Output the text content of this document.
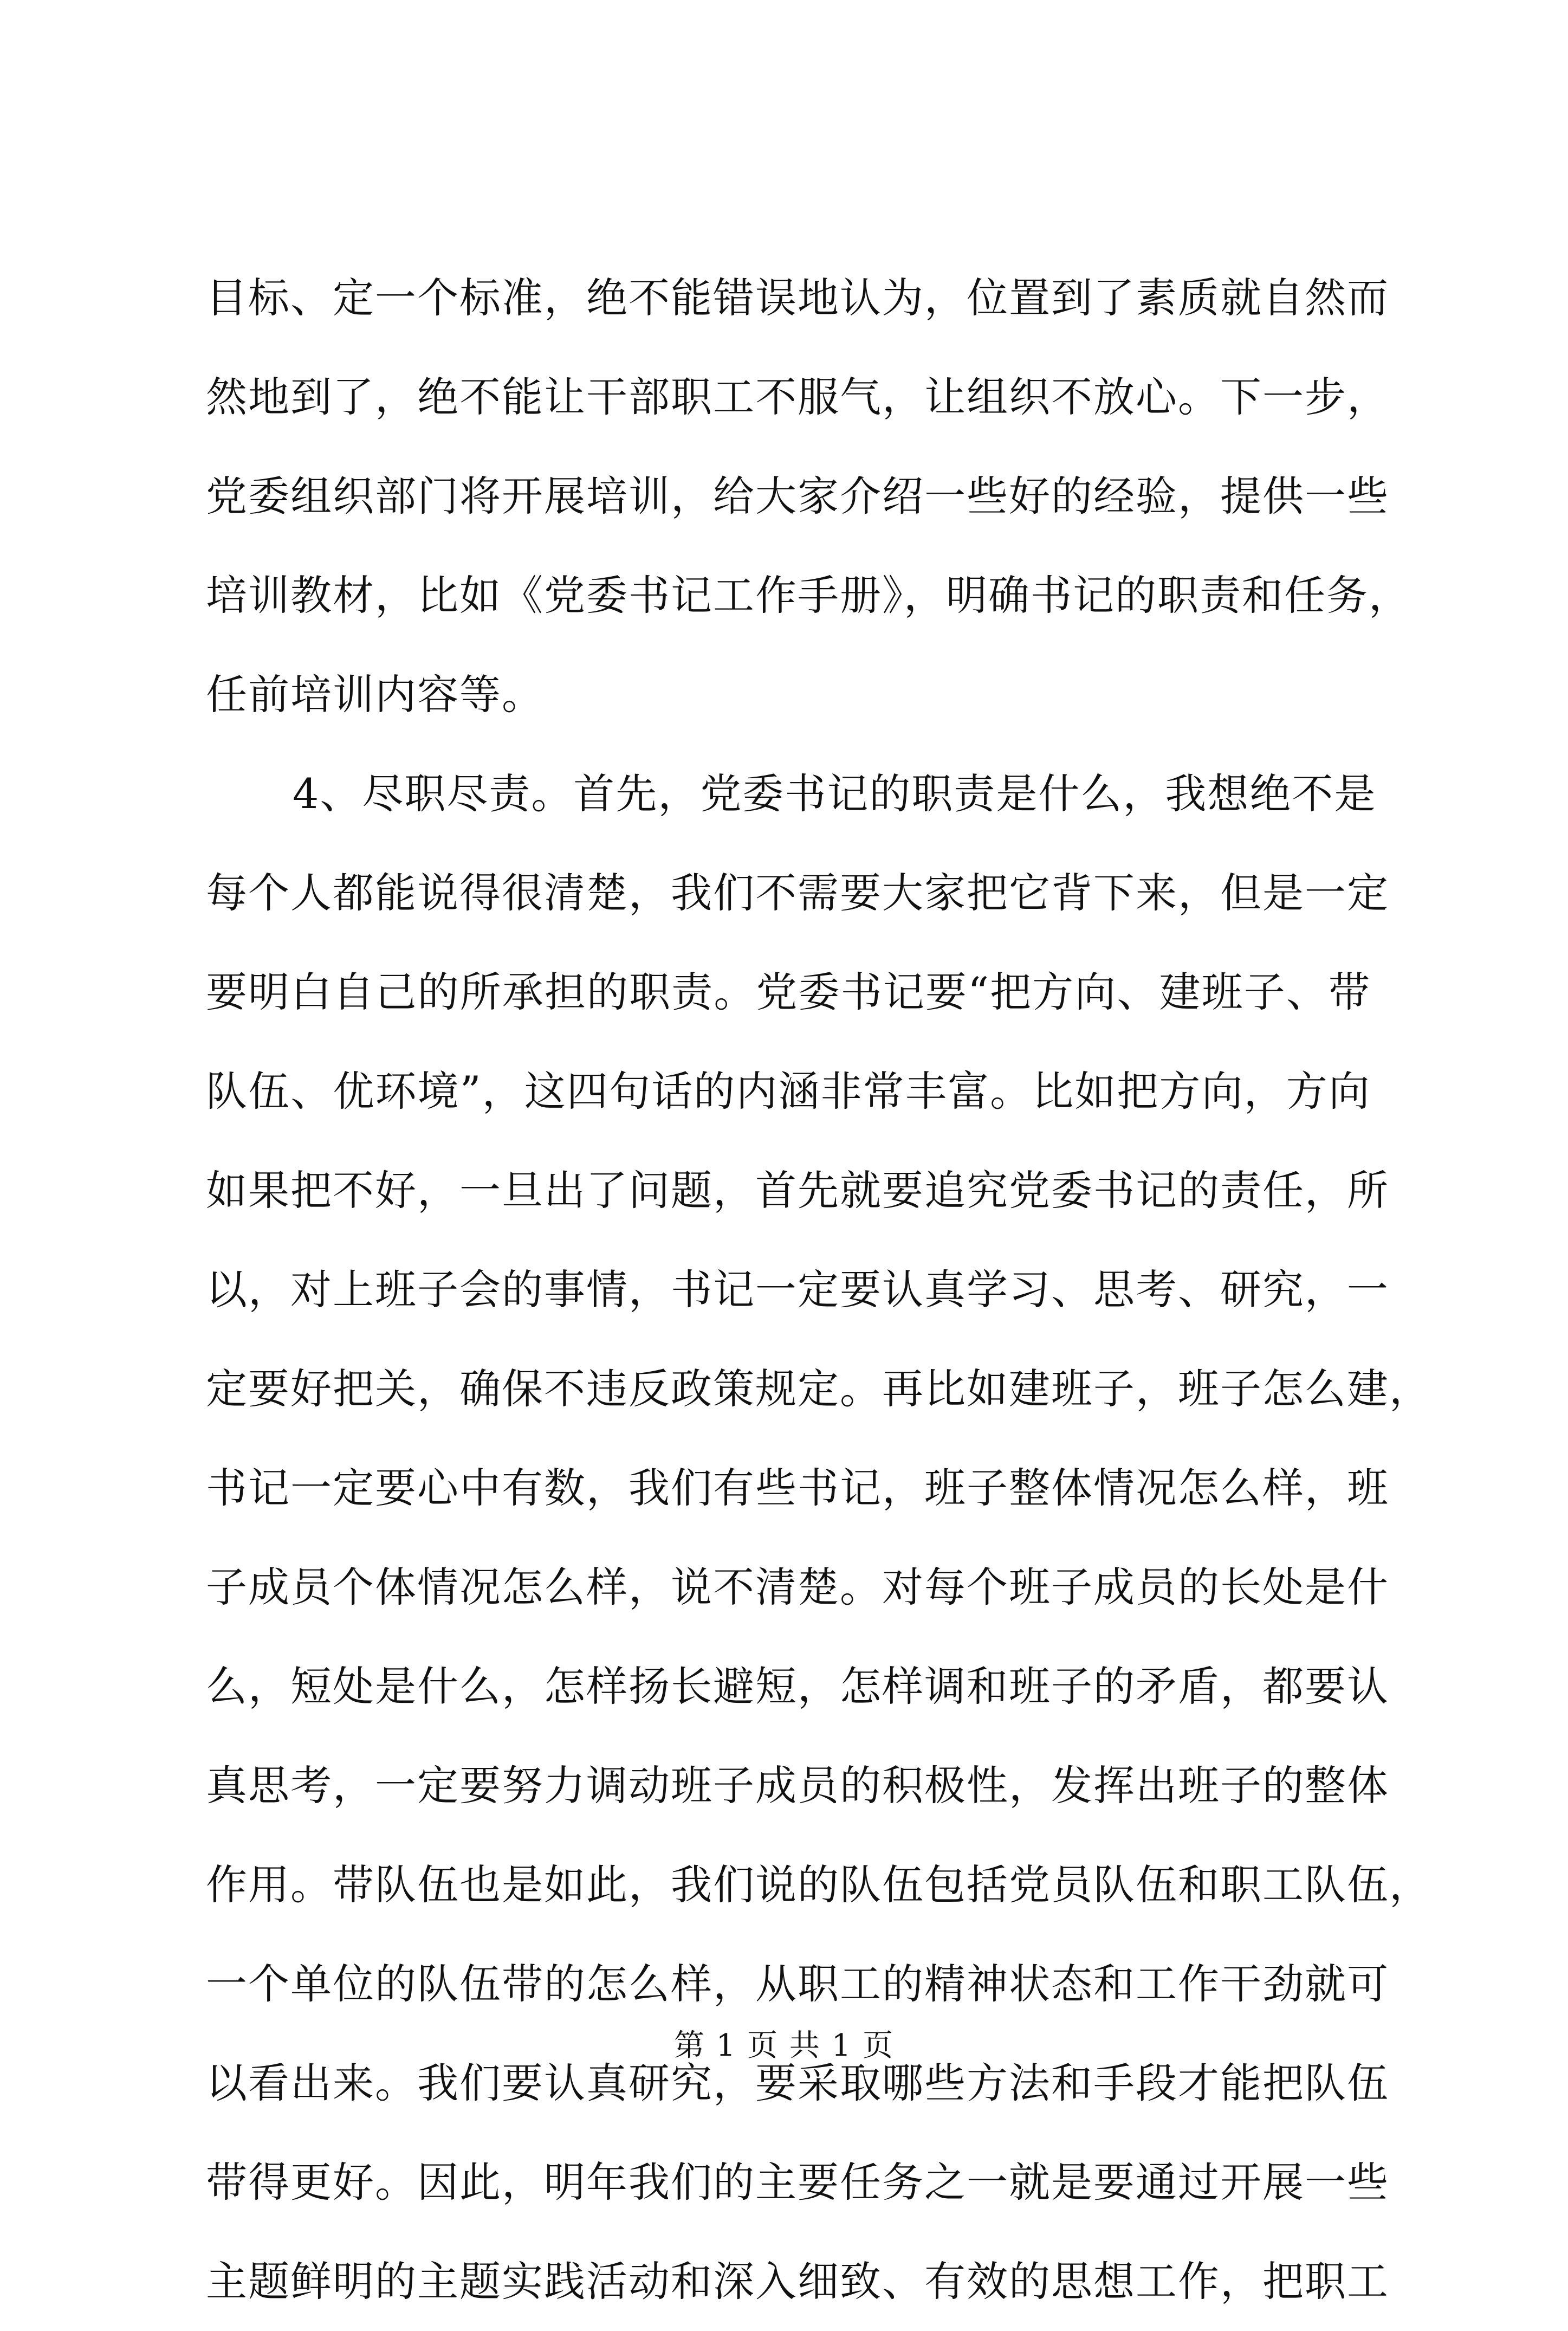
目标、定一个标准，绝不能错误地认为，位置到了素质就自然而
然地到了，绝不能让干部职工不服气，让组织不放心。下一步，
党委组织部门将开展培训，给大家介绍一些好的经验，提供一些
培训教材，比如《党委书记工作手册》，明确书记的职责和任务，
任前培训内容等。
4、尽职尽责。首先，党委书记的职责是什么，我想绝不是
每个人都能说得很清楚，我们不需要大家把它背下来，但是一定
要明白自己的所承担的职责。党委书记要“把方向、建班子、带
队伍、优环境”，这四句话的内涵非常丰富。比如把方向，方向
如果把不好，一旦出了问题，首先就要追究党委书记的责任，所
以，对上班子会的事情，书记一定要认真学习、思考、研究，一
定要好把关，确保不违反政策规定。再比如建班子，班子怎么建，
书记一定要心中有数，我们有些书记，班子整体情况怎么样，班
子成员个体情况怎么样，说不清楚。对每个班子成员的长处是什
么，短处是什么，怎样扬长避短，怎样调和班子的矛盾，都要认
真思考，一定要努力调动班子成员的积极性，发挥出班子的整体
作用。带队伍也是如此，我们说的队伍包括党员队伍和职工队伍，
一个单位的队伍带的怎么样，从职工的精神状态和工作干劲就可
以看出来。我们要认真研究，要采取哪些方法和手段才能把队伍
带得更好。因此，明年我们的主要任务之一就是要通过开展一些
主题鲜明的主题实践活动和深入细致、有效的思想工作，把职工
第 1 页 共 1 页
